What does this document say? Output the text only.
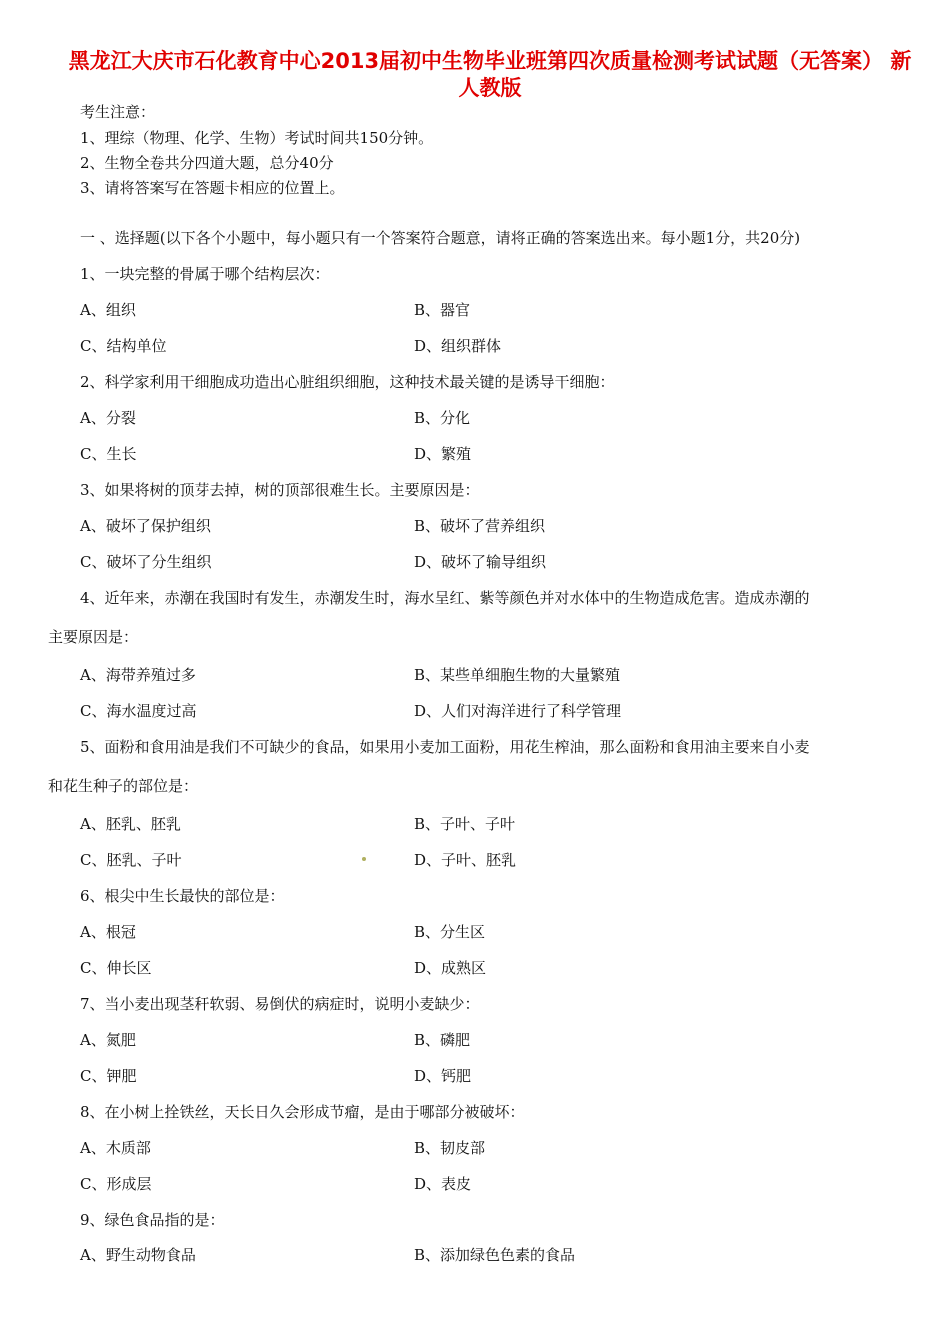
黑龙江大庆市石化教育中心2013届初中生物毕业班第四次质量检测考试试题（无答案） 新人教版
考生注意：
1、理综（物理、化学、生物）考试时间共150分钟。
2、生物全卷共分四道大题，总分40分
3、请将答案写在答题卡相应的位置上。
一 、选择题(以下各个小题中，每小题只有一个答案符合题意，请将正确的答案选出来。每小题1分，共20分)
1、一块完整的骨属于哪个结构层次：
A、组织	B、器官
C、结构单位	D、组织群体
2、科学家利用干细胞成功造出心脏组织细胞，这种技术最关键的是诱导干细胞：
A、分裂	B、分化
C、生长	D、繁殖
3、如果将树的顶芽去掉，树的顶部很难生长。主要原因是：
A、破坏了保护组织	B、破坏了营养组织
C、破坏了分生组织	D、破坏了输导组织
4、近年来，赤潮在我国时有发生，赤潮发生时，海水呈红、紫等颜色并对水体中的生物造成危害。造成赤潮的
主要原因是：
A、海带养殖过多	B、某些单细胞生物的大量繁殖
C、海水温度过高	D、人们对海洋进行了科学管理
5、面粉和食用油是我们不可缺少的食品，如果用小麦加工面粉，用花生榨油，那么面粉和食用油主要来自小麦
和花生种子的部位是：
A、胚乳、胚乳	B、子叶、子叶
C、胚乳、子叶	D、子叶、胚乳
6、根尖中生长最快的部位是：
A、根冠	B、分生区
C、伸长区	D、成熟区
7、当小麦出现茎秆软弱、易倒伏的病症时，说明小麦缺少：
A、氮肥	B、磷肥
C、钾肥	D、钙肥
8、在小树上拴铁丝，天长日久会形成节瘤，是由于哪部分被破坏：
A、木质部	B、韧皮部
C、形成层	D、表皮
9、绿色食品指的是：
A、野生动物食品	B、添加绿色色素的食品
